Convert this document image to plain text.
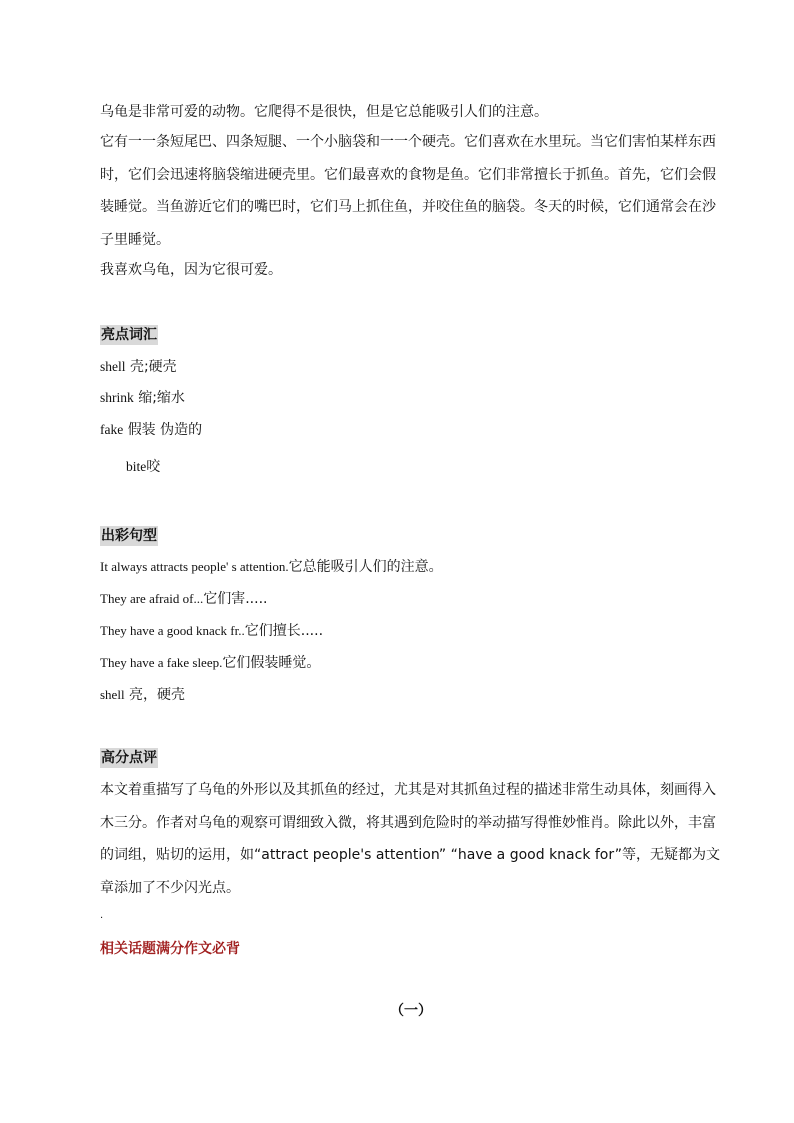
乌龟是非常可爱的动物。它爬得不是很快，但是它总能吸引人们的注意。
它有一一条短尾巴、四条短腿、一个小脑袋和一一个硬壳。它们喜欢在水里玩。当它们害怕某样东西时，它们会迅速将脑袋缩进硬壳里。它们最喜欢的食物是鱼。它们非常擅长于抓鱼。首先，它们会假装睡觉。当鱼游近它们的嘴巴时，它们马上抓住鱼，并咬住鱼的脑袋。冬天的时候，它们通常会在沙子里睡觉。
我喜欢乌龟，因为它很可爱。
亮点词汇
shell 壳;硬壳
shrink 缩;缩水
fake 假装 伪造的
bite咬
出彩句型
It always attracts people' s attention.它总能吸引人们的注意。
They are afraid of...它们害.....
They have a good knack fr..它们擅长.....
They have a fake sleep.它们假装睡觉。
shell 亮，硬壳
高分点评
本文着重描写了乌龟的外形以及其抓鱼的经过，尤其是对其抓鱼过程的描述非常生动具体，刻画得入木三分。作者对乌龟的观察可谓细致入微，将其遇到危险时的举动描写得惟妙惟肖。除此以外，丰富的词组，贴切的运用，如“attract people's attention” “have a good knack for”等，无疑都为文章添加了不少闪光点。
.
相关话题满分作文必背
（一）
